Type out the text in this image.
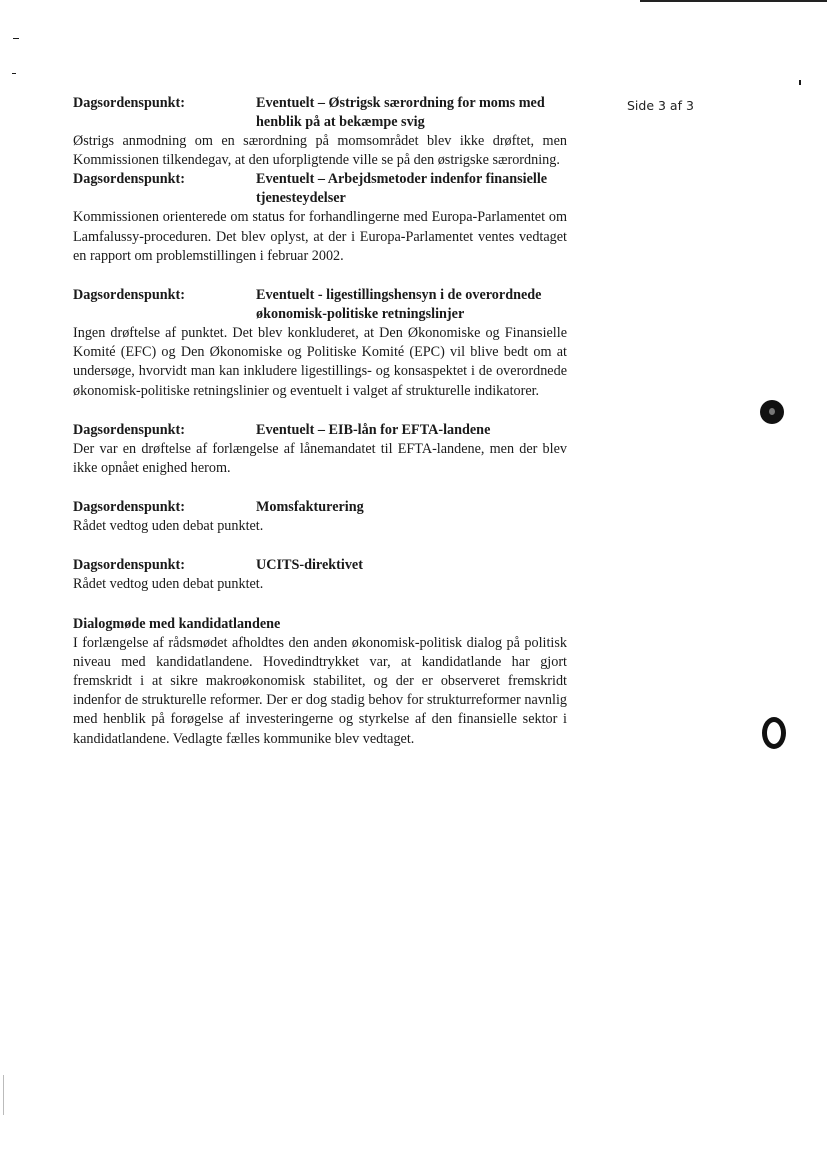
Side 3 af 3
Dagsordenspunkt:	Eventuelt – Østrigsk særordning for moms med henblik på at bekæmpe svig

Østrigs anmodning om en særordning på momsområdet blev ikke drøftet, men Kommissionen tilkendegav, at den uforpligtende ville se på den østrigske særordning.

Dagsordenspunkt:	Eventuelt – Arbejdsmetoder indenfor finansielle tjenesteydelser

Kommissionen orienterede om status for forhandlingerne med Europa-Parlamentet om Lamfalussy-proceduren. Det blev oplyst, at der i Europa-Parlamentet ventes vedtaget en rapport om problemstillingen i februar 2002.

Dagsordenspunkt:	Eventuelt - ligestillingshensyn i de overordnede økonomisk-politiske retningslinjer

Ingen drøftelse af punktet. Det blev konkluderet, at Den Økonomiske og Finansielle Komité (EFC) og Den Økonomiske og Politiske Komité (EPC) vil blive bedt om at undersøge, hvorvidt man kan inkludere ligestillings- og konsaspektet i de overordnede økonomisk-politiske retningslinier og eventuelt i valget af strukturelle indikatorer.

Dagsordenspunkt:	Eventuelt – EIB-lån for EFTA-landene

Der var en drøftelse af forlængelse af lånemandatet til EFTA-landene, men der blev ikke opnået enighed herom.

Dagsordenspunkt:	Momsfakturering

Rådet vedtog uden debat punktet.

Dagsordenspunkt:	UCITS-direktivet

Rådet vedtog uden debat punktet.

Dialogmøde med kandidatlandene

I forlængelse af rådsmødet afholdtes den anden økonomisk-politisk dialog på politisk niveau med kandidatlandene. Hovedindtrykket var, at kandidatlande har gjort fremskridt i at sikre makroøkonomisk stabilitet, og der er observeret fremskridt indenfor de strukturelle reformer. Der er dog stadig behov for strukturreformer navnlig med henblik på forøgelse af investeringerne og styrkelse af den finansielle sektor i kandidatlandene. Vedlagte fælles kommunike blev vedtaget.
